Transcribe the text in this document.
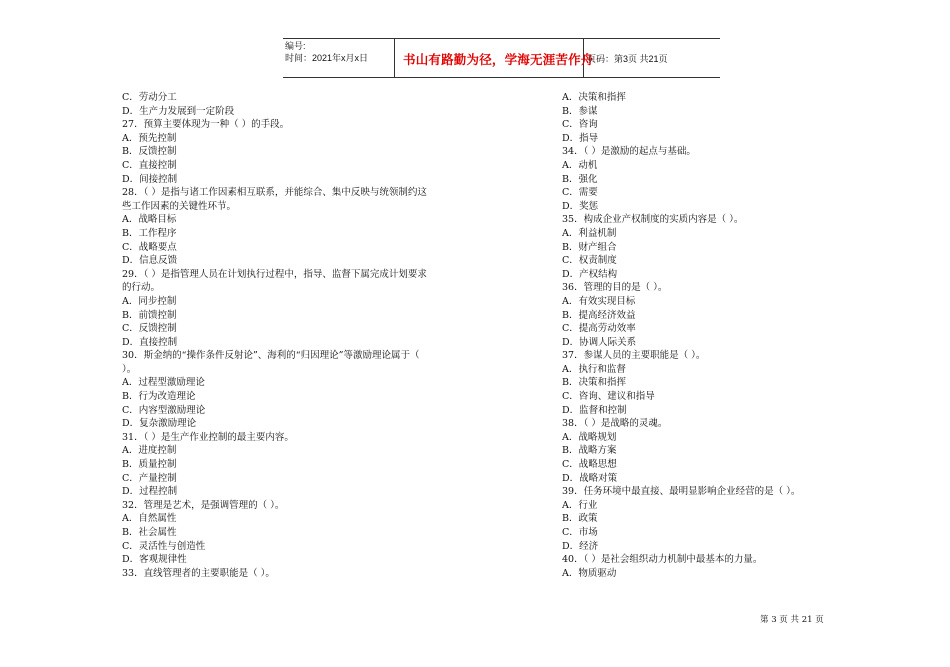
编号:
时间：2021年x月x日	书山有路勤为径，学海无涯苦作舟
页码：第3页 共21页
C．劳动分工
D．生产力发展到一定阶段
27．预算主要体现为一种（ ）的手段。
A．预先控制
B．反馈控制
C．直接控制
D．间接控制
28．（ ）是指与诸工作因素相互联系，并能综合、集中反映与统领制约这
些工作因素的关键性环节。
A．战略目标
B．工作程序
C．战略要点
D．信息反馈
29．（ ）是指管理人员在计划执行过程中，指导、监督下属完成计划要求
的行动。
A．同步控制
B．前馈控制
C．反馈控制
D．直接控制
30．斯金纳的“操作条件反射论”、海利的“归因理论”等激励理论属于（
）。
A．过程型激励理论
B．行为改造理论
C．内容型激励理论
D．复杂激励理论
31．（ ）是生产作业控制的最主要内容。
A．进度控制
B．质量控制
C．产量控制
D．过程控制
32．管理是艺术，是强调管理的（ ）。
A．自然属性
B．社会属性
C．灵活性与创造性
D．客观规律性
33．直线管理者的主要职能是（ ）。
A．决策和指挥
B．参谋
C．咨询
D．指导
34．（ ）是激励的起点与基础。
A．动机
B．强化
C．需要
D．奖惩
35．构成企业产权制度的实质内容是（ ）。
A．利益机制
B．财产组合
C．权责制度
D．产权结构
36．管理的目的是（ ）。
A．有效实现目标
B．提高经济效益
C．提高劳动效率
D．协调人际关系
37．参谋人员的主要职能是（ ）。
A．执行和监督
B．决策和指挥
C．咨询、建议和指导
D．监督和控制
38．（ ）是战略的灵魂。
A．战略规划
B．战略方案
C．战略思想
D．战略对策
39．任务环境中最直接、最明显影响企业经营的是（ ）。
A．行业
B．政策
C．市场
D．经济
40．（ ）是社会组织动力机制中最基本的力量。
A．物质驱动
第 3 页 共 21 页
